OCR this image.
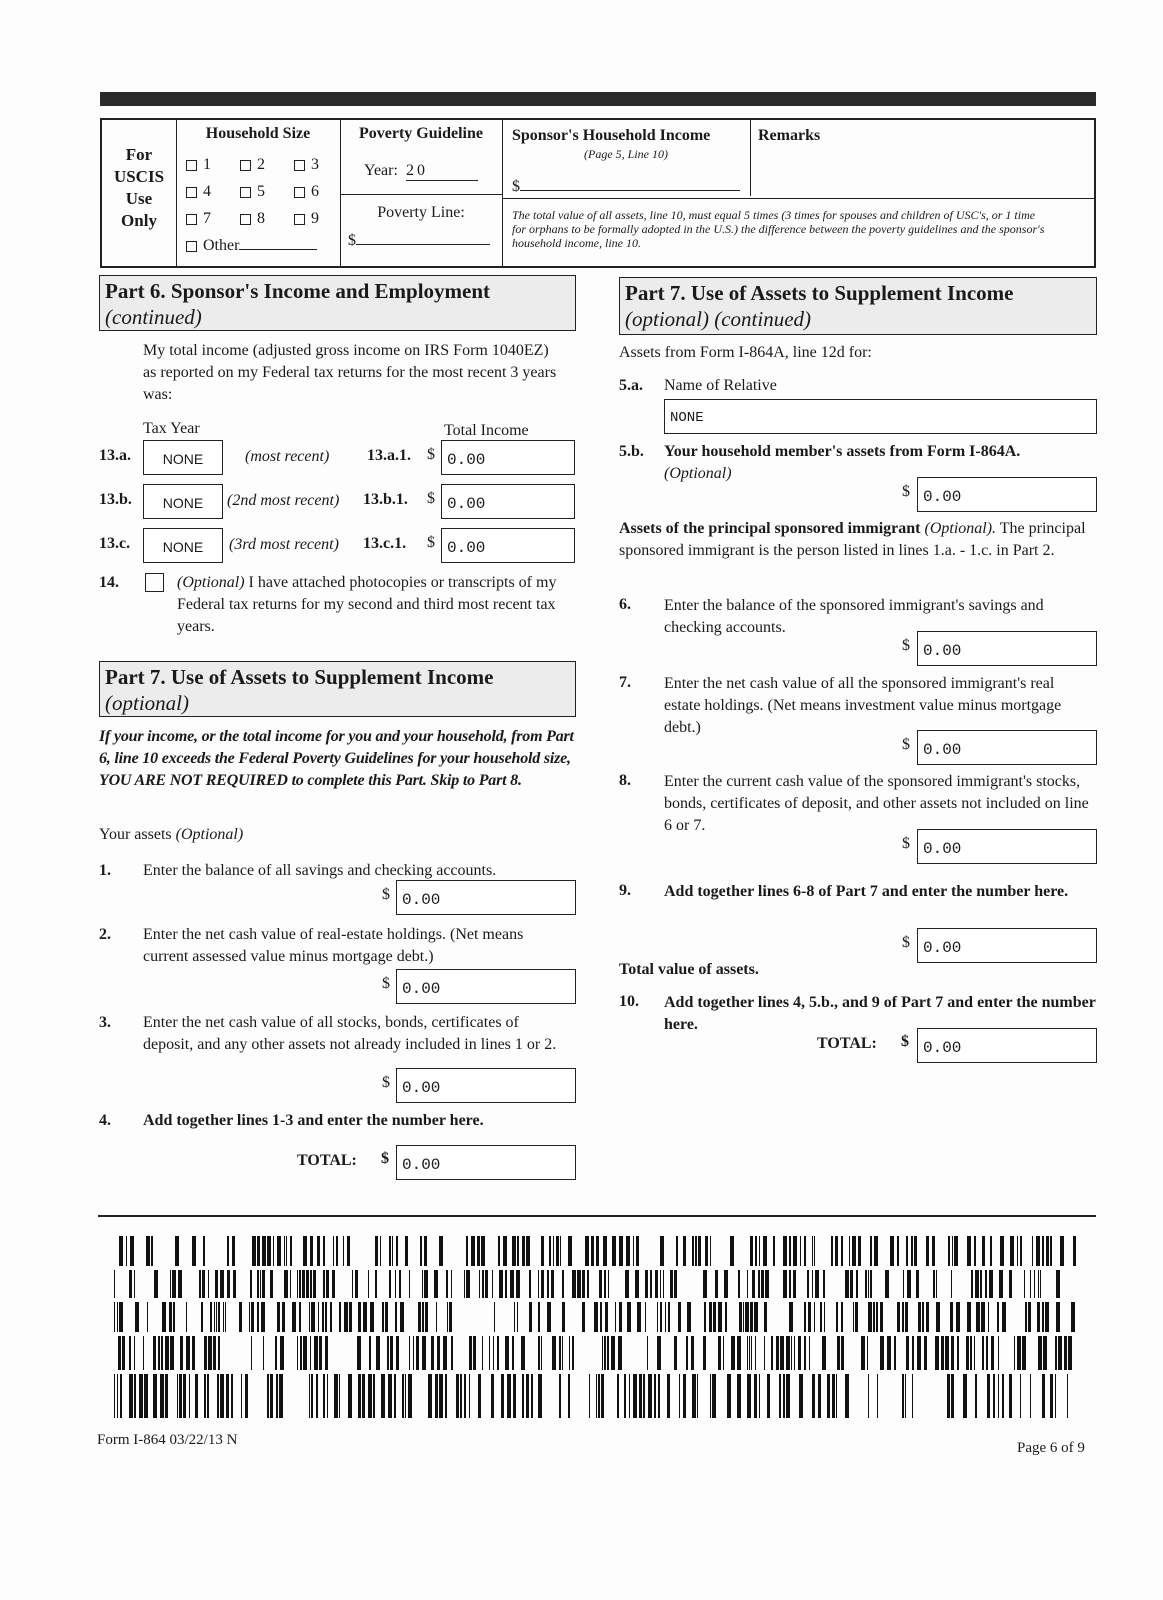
For
USCIS
Use
Only
Household Size
1	2	3
4	5	6
7	8	9
Other
Poverty Guideline
Year: 20
Poverty Line:
$
Sponsor's Household Income
(Page 5, Line 10)
$
Remarks
The total value of all assets, line 10, must equal 5 times (3 times for spouses and children of USC's, or 1 time for orphans to be formally adopted in the U.S.) the difference between the poverty guidelines and the sponsor's household income, line 10.
Part 6. Sponsor's Income and Employment
(continued)
My total income (adjusted gross income on IRS Form 1040EZ) as reported on my Federal tax returns for the most recent 3 years was:
Tax Year	Total Income
13.a.	NONE	(most recent) 13.a.1. $ 0.00
13.b.	NONE	(2nd most recent) 13.b.1. $ 0.00
13.c.	NONE	(3rd most recent) 13.c.1. $ 0.00
14.	(Optional) I have attached photocopies or transcripts of my Federal tax returns for my second and third most recent tax years.
Part 7. Use of Assets to Supplement Income
(optional)
If your income, or the total income for you and your household, from Part 6, line 10 exceeds the Federal Poverty Guidelines for your household size, YOU ARE NOT REQUIRED to complete this Part. Skip to Part 8.
Your assets (Optional)
1. Enter the balance of all savings and checking accounts.
$ 0.00
2. Enter the net cash value of real-estate holdings. (Net means current assessed value minus mortgage debt.)
$ 0.00
3. Enter the net cash value of all stocks, bonds, certificates of deposit, and any other assets not already included in lines 1 or 2.
$ 0.00
4. Add together lines 1-3 and enter the number here.
TOTAL: $ 0.00
Part 7. Use of Assets to Supplement Income
(optional) (continued)
Assets from Form I-864A, line 12d for:
5.a. Name of Relative
NONE
5.b. Your household member's assets from Form I-864A.
(Optional)
$ 0.00
Assets of the principal sponsored immigrant (Optional). The principal sponsored immigrant is the person listed in lines 1.a. - 1.c. in Part 2.
6. Enter the balance of the sponsored immigrant's savings and checking accounts.
$ 0.00
7. Enter the net cash value of all the sponsored immigrant's real estate holdings. (Net means investment value minus mortgage debt.)
$ 0.00
8. Enter the current cash value of the sponsored immigrant's stocks, bonds, certificates of deposit, and other assets not included on line 6 or 7.
$ 0.00
9. Add together lines 6-8 of Part 7 and enter the number here.
$ 0.00
Total value of assets.
10. Add together lines 4, 5.b., and 9 of Part 7 and enter the number here.
TOTAL: $ 0.00
Form I-864 03/22/13 N	Page 6 of 9
